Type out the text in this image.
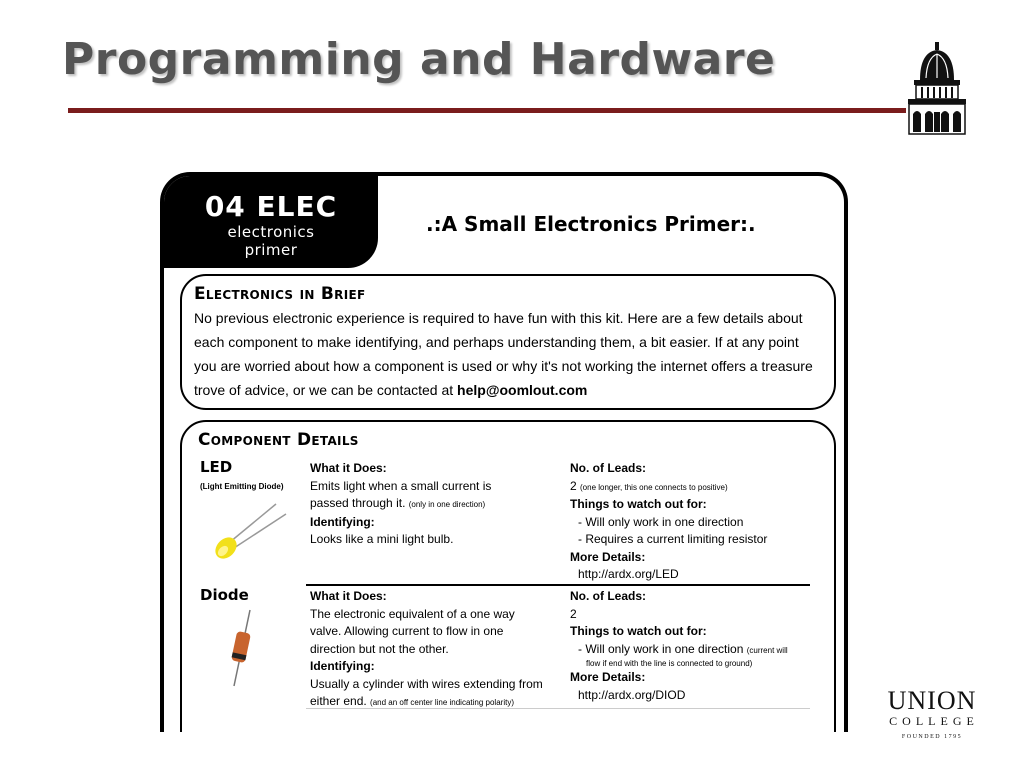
Programming and Hardware
04 ELEC
electronics
primer
.:A Small Electronics Primer:.
Electronics in Brief
No previous electronic experience is required to have fun with this kit. Here are a few details about each component to make identifying, and perhaps understanding them, a bit easier. If at any point you are worried about how a component is used or why it's not working the internet offers a treasure trove of advice, or we can be contacted at help@oomlout.com
Component Details
LED
(Light Emitting Diode)
What it Does:
Emits light when a small current is
passed through it. (only in one direction)
Identifying:
Looks like a mini light bulb.
No. of Leads:
2 (one longer, this one connects to positive)
Things to watch out for:
- Will only work in one direction
- Requires a current limiting resistor
More Details:
http://ardx.org/LED
Diode	What it Does:
The electronic equivalent of a one way
valve. Allowing current to flow in one
direction but not the other.
Identifying:
Usually a cylinder with wires extending from
either end. (and an off center line indicating polarity)
No. of Leads:
2
Things to watch out for:
- Will only work in one direction (current will
flow if end with the line is connected to ground)
More Details:
http://ardx.org/DIOD	UNION
COLLEGE
FOUNDED 1795
